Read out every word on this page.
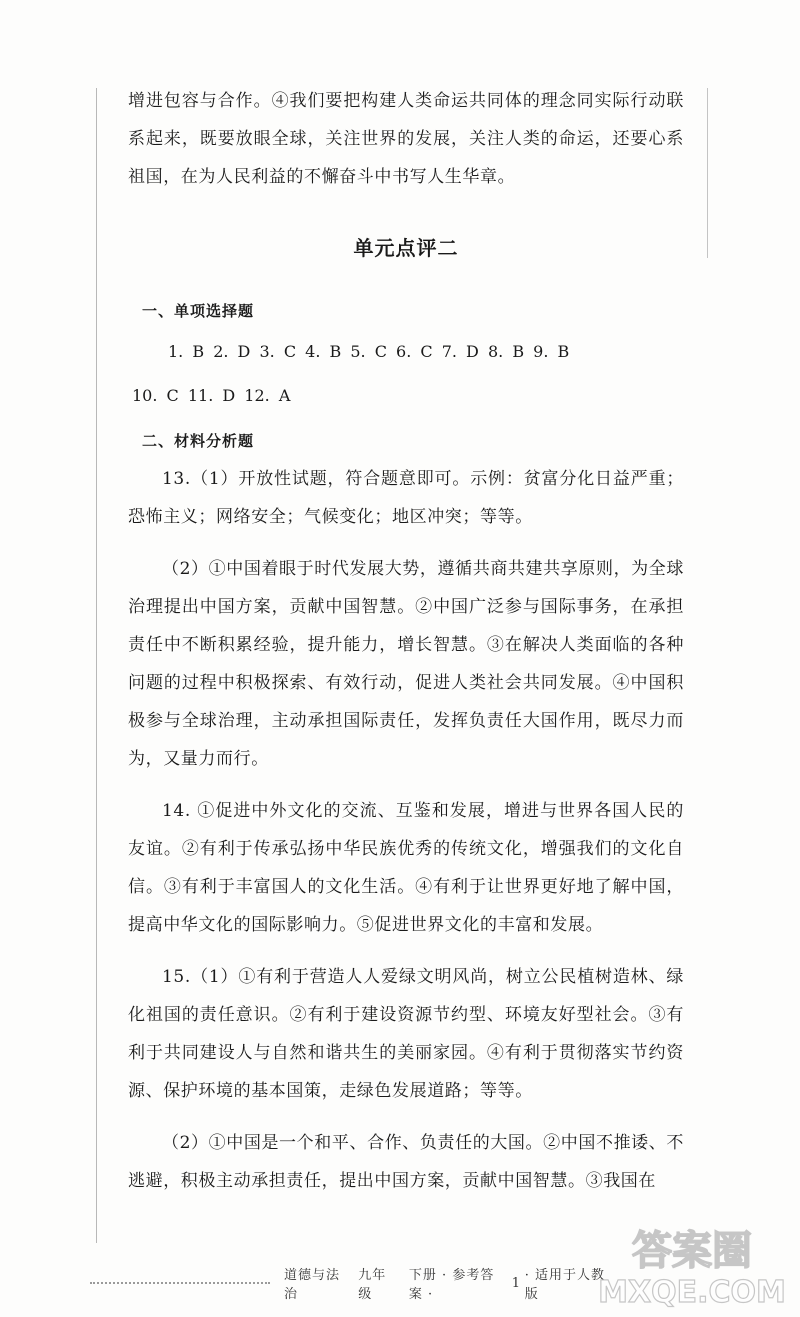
增进包容与合作。④我们要把构建人类命运共同体的理念同实际行动联系起来，既要放眼全球，关注世界的发展，关注人类的命运，还要心系祖国，在为人民利益的不懈奋斗中书写人生华章。

单元点评二
一、单项选择题

1. B 2. D 3. C 4. B 5. C 6. C 7. D 8. B 9. B

10. C 11. D 12. A

二、材料分析题

13.（1）开放性试题，符合题意即可。示例：贫富分化日益严重；恐怖主义；网络安全；气候变化；地区冲突；等等。

（2）①中国着眼于时代发展大势，遵循共商共建共享原则，为全球治理提出中国方案，贡献中国智慧。②中国广泛参与国际事务，在承担责任中不断积累经验，提升能力，增长智慧。③在解决人类面临的各种问题的过程中积极探索、有效行动，促进人类社会共同发展。④中国积极参与全球治理，主动承担国际责任，发挥负责任大国作用，既尽力而为，又量力而行。

14. ①促进中外文化的交流、互鉴和发展，增进与世界各国人民的友谊。②有利于传承弘扬中华民族优秀的传统文化，增强我们的文化自信。③有利于丰富国人的文化生活。④有利于让世界更好地了解中国，提高中华文化的国际影响力。⑤促进世界文化的丰富和发展。

15.（1）①有利于营造人人爱绿文明风尚，树立公民植树造林、绿化祖国的责任意识。②有利于建设资源节约型、环境友好型社会。③有利于共同建设人与自然和谐共生的美丽家园。④有利于贯彻落实节约资源、保护环境的基本国策，走绿色发展道路；等等。

（2）①中国是一个和平、合作、负责任的大国。②中国不推诿、不逃避，积极主动承担责任，提出中国方案，贡献中国智慧。③我国在

道德与法治
九年级
下册 · 参考答案 ·
1 · 适用于人教版
答案圈
MXQE.COM
